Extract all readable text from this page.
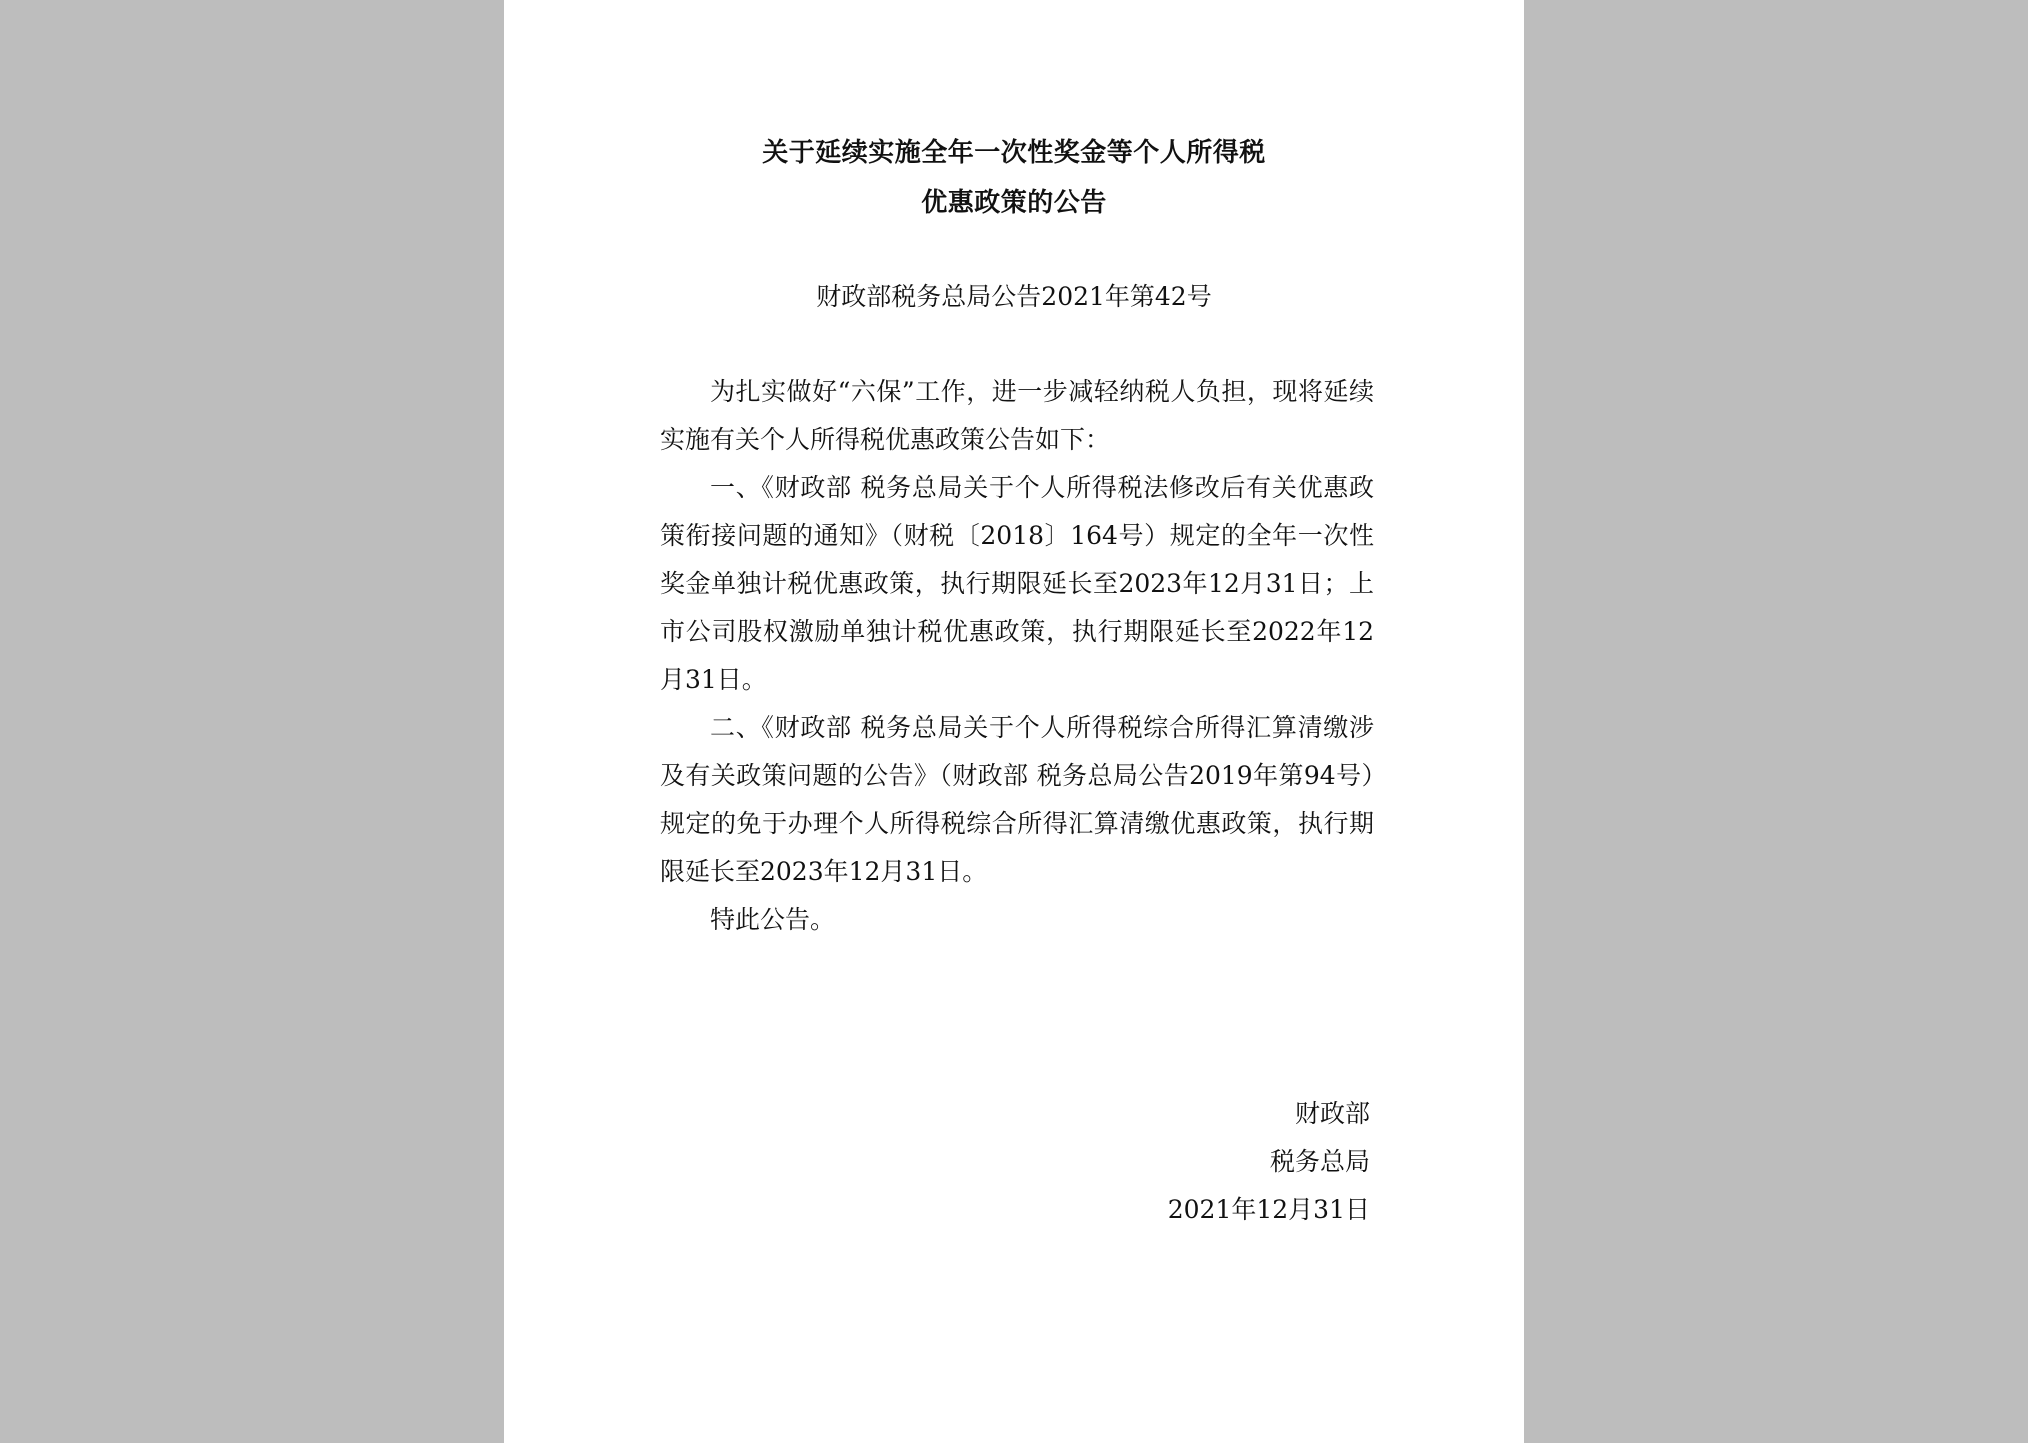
关于延续实施全年一次性奖金等个人所得税
优惠政策的公告
财政部税务总局公告2021年第42号

为扎实做好“六保”工作，进一步减轻纳税人负担，现将延续实施有关个人所得税优惠政策公告如下：

一、《财政部 税务总局关于个人所得税法修改后有关优惠政策衔接问题的通知》（财税〔2018〕164号）规定的全年一次性奖金单独计税优惠政策，执行期限延长至2023年12月31日；上市公司股权激励单独计税优惠政策，执行期限延长至2022年12月31日。

二、《财政部 税务总局关于个人所得税综合所得汇算清缴涉及有关政策问题的公告》（财政部 税务总局公告2019年第94号）规定的免于办理个人所得税综合所得汇算清缴优惠政策，执行期限延长至2023年12月31日。

特此公告。

财政部
税务总局
2021年12月31日
